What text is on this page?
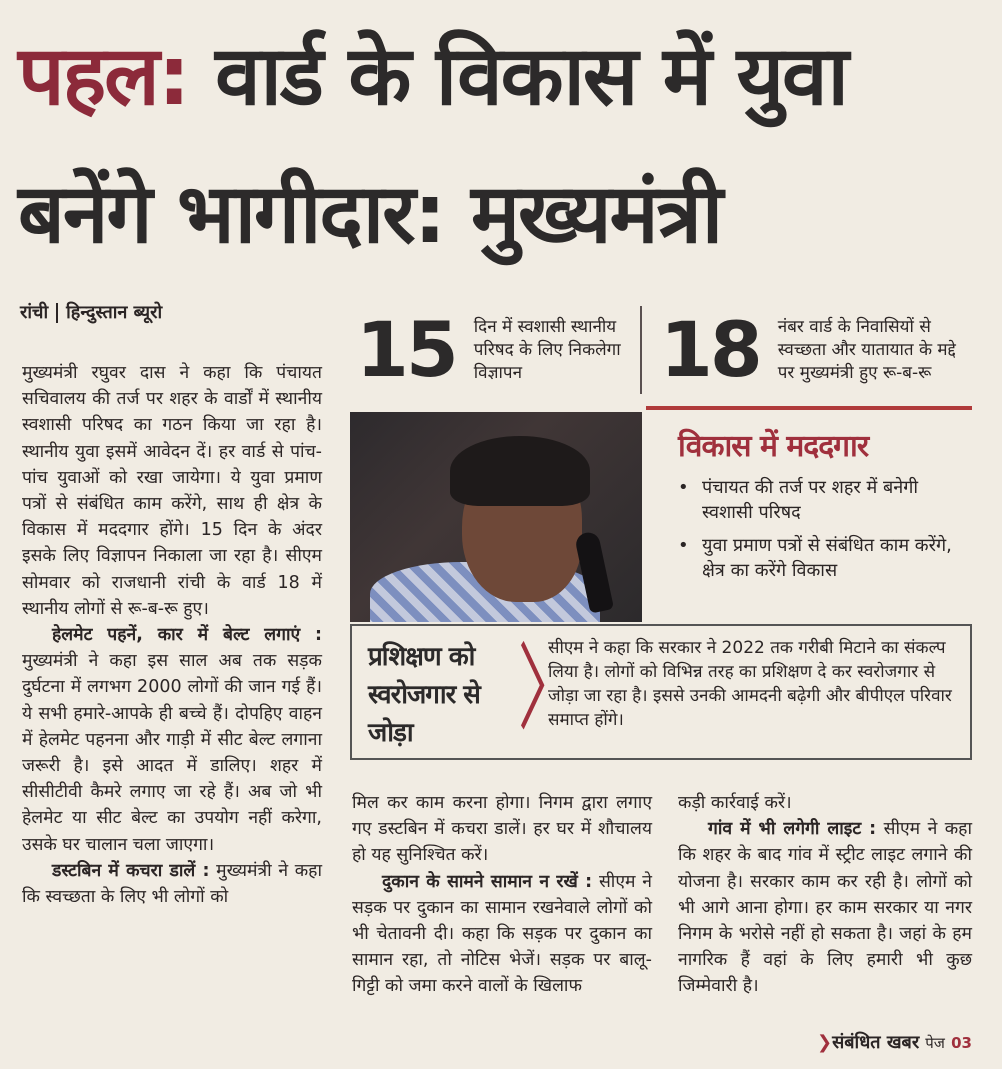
पहल: वार्ड के विकास में युवा
बनेंगे भागीदार: मुख्यमंत्री
रांची हिन्दुस्तान ब्यूरो	15 दिन में स्वशासी स्थानीय परिषद के लिए निकलेगा विज्ञापन	18 नंबर वार्ड के निवासियों से स्वच्छता और यातायात के मद्दे पर मुख्यमंत्री हुए रू-ब-रू
विकास में मददगार
• पंचायत की तर्ज पर शहर में बनेगी स्वशासी परिषद
• युवा प्रमाण पत्रों से संबंधित काम करेंगे, क्षेत्र का करेंगे विकास
प्रशिक्षण को स्वरोजगार से जोड़ा	〉
सीएम ने कहा कि सरकार ने 2022 तक गरीबी मिटाने का संकल्प लिया है। लोगों को विभिन्न तरह का प्रशिक्षण दे कर स्वरोजगार से जोड़ा जा रहा है। इससे उनकी आमदनी बढ़ेगी और बीपीएल परिवार समाप्त होंगे।

मुख्यमंत्री रघुवर दास ने कहा कि पंचायत सचिवालय की तर्ज पर शहर के वार्डों में स्थानीय स्वशासी परिषद का गठन किया जा रहा है। स्थानीय युवा इसमें आवेदन दें। हर वार्ड से पांच-पांच युवाओं को रखा जायेगा। ये युवा प्रमाण पत्रों से संबंधित काम करेंगे, साथ ही क्षेत्र के विकास में मददगार होंगे। 15 दिन के अंदर इसके लिए विज्ञापन निकाला जा रहा है। सीएम सोमवार को राजधानी रांची के वार्ड 18 में स्थानीय लोगों से रू-ब-रू हुए।

हेलमेट पहनें, कार में बेल्ट लगाएं : मुख्यमंत्री ने कहा इस साल अब तक सड़क दुर्घटना में लगभग 2000 लोगों की जान गई हैं। ये सभी हमारे-आपके ही बच्चे हैं। दोपहिए वाहन में हेलमेट पहनना और गाड़ी में सीट बेल्ट लगाना जरूरी है। इसे आदत में डालिए। शहर में सीसीटीवी कैमरे लगाए जा रहे हैं। अब जो भी हेलमेट या सीट बेल्ट का उपयोग नहीं करेगा, उसके घर चालान चला जाएगा।

डस्टबिन में कचरा डालें : मुख्यमंत्री ने कहा कि स्वच्छता के लिए भी लोगों को

मिल कर काम करना होगा। निगम द्वारा लगाए गए डस्टबिन में कचरा डालें। हर घर में शौचालय हो यह सुनिश्चित करें।

दुकान के सामने सामान न रखें : सीएम ने सड़क पर दुकान का सामान रखनेवाले लोगों को भी चेतावनी दी। कहा कि सड़क पर दुकान का सामान रहा, तो नोटिस भेजें। सड़क पर बालू-गिट्टी को जमा करने वालों के खिलाफ

कड़ी कार्रवाई करें।

गांव में भी लगेगी लाइट : सीएम ने कहा कि शहर के बाद गांव में स्ट्रीट लाइट लगाने की योजना है। सरकार काम कर रही है। लोगों को भी आगे आना होगा। हर काम सरकार या नगर निगम के भरोसे नहीं हो सकता है। जहां के हम नागरिक हैं वहां के लिए हमारी भी कुछ जिम्मेवारी है।

❯संबंधित खबर पेज 03
